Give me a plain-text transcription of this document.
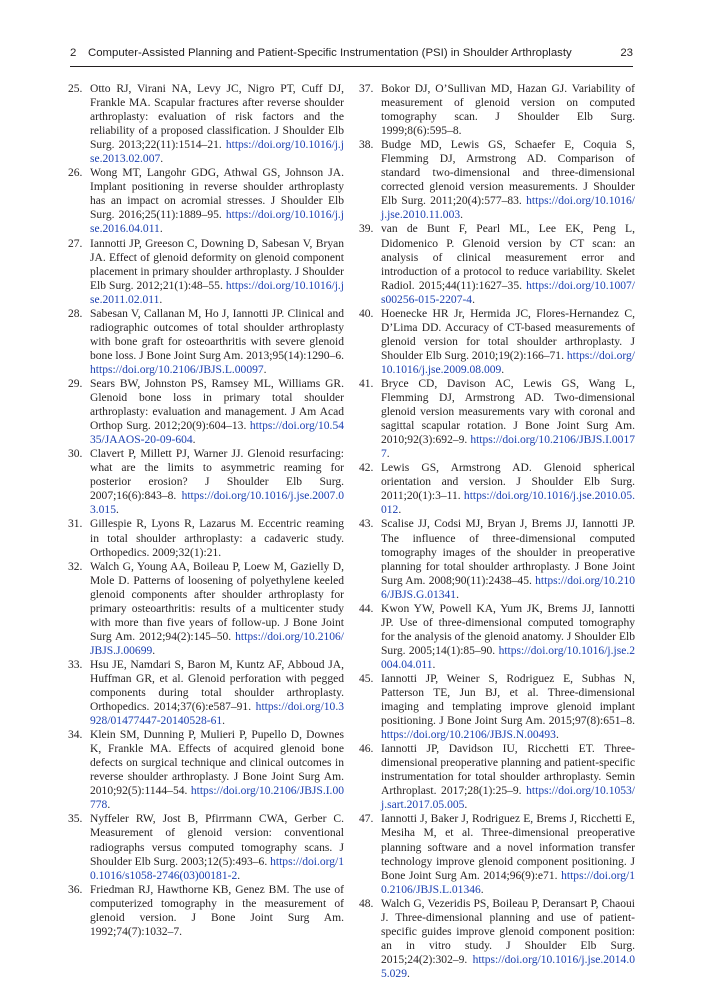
2 Computer-Assisted Planning and Patient-Specific Instrumentation (PSI) in Shoulder Arthroplasty	23

25. Otto RJ, Virani NA, Levy JC, Nigro PT, Cuff DJ, Frankle MA. Scapular fractures after reverse shoulder arthroplasty: evaluation of risk factors and the reliability of a proposed classification. J Shoulder Elb Surg. 2013;22(11):1514–21. https://doi.org/10.1016/j.jse.2013.02.007.

26. Wong MT, Langohr GDG, Athwal GS, Johnson JA. Implant positioning in reverse shoulder arthroplasty has an impact on acromial stresses. J Shoulder Elb Surg. 2016;25(11):1889–95. https://doi.org/10.1016/j.jse.2016.04.011.

27. Iannotti JP, Greeson C, Downing D, Sabesan V, Bryan JA. Effect of glenoid deformity on glenoid component placement in primary shoulder arthroplasty. J Shoulder Elb Surg. 2012;21(1):48–55. https://doi.org/10.1016/j.jse.2011.02.011.

28. Sabesan V, Callanan M, Ho J, Iannotti JP. Clinical and radiographic outcomes of total shoulder arthroplasty with bone graft for osteoarthritis with severe glenoid bone loss. J Bone Joint Surg Am. 2013;95(14):1290–6. https://doi.org/10.2106/JBJS.L.00097.

29. Sears BW, Johnston PS, Ramsey ML, Williams GR. Glenoid bone loss in primary total shoulder arthroplasty: evaluation and management. J Am Acad Orthop Surg. 2012;20(9):604–13. https://doi.org/10.5435/JAAOS-20-09-604.

30. Clavert P, Millett PJ, Warner JJ. Glenoid resurfacing: what are the limits to asymmetric reaming for posterior erosion? J Shoulder Elb Surg. 2007;16(6):843–8. https://doi.org/10.1016/j.jse.2007.03.015.

31. Gillespie R, Lyons R, Lazarus M. Eccentric reaming in total shoulder arthroplasty: a cadaveric study. Orthopedics. 2009;32(1):21.

32. Walch G, Young AA, Boileau P, Loew M, Gazielly D, Mole D. Patterns of loosening of polyethylene keeled glenoid components after shoulder arthroplasty for primary osteoarthritis: results of a multicenter study with more than five years of follow-up. J Bone Joint Surg Am. 2012;94(2):145–50. https://doi.org/10.2106/JBJS.J.00699.

33. Hsu JE, Namdari S, Baron M, Kuntz AF, Abboud JA, Huffman GR, et al. Glenoid perforation with pegged components during total shoulder arthroplasty. Orthopedics. 2014;37(6):e587–91. https://doi.org/10.3928/01477447-20140528-61.

34. Klein SM, Dunning P, Mulieri P, Pupello D, Downes K, Frankle MA. Effects of acquired glenoid bone defects on surgical technique and clinical outcomes in reverse shoulder arthroplasty. J Bone Joint Surg Am. 2010;92(5):1144–54. https://doi.org/10.2106/JBJS.I.00778.

35. Nyffeler RW, Jost B, Pfirrmann CWA, Gerber C. Measurement of glenoid version: conventional radiographs versus computed tomography scans. J Shoulder Elb Surg. 2003;12(5):493–6. https://doi.org/10.1016/s1058-2746(03)00181-2.

36. Friedman RJ, Hawthorne KB, Genez BM. The use of computerized tomography in the measurement of glenoid version. J Bone Joint Surg Am. 1992;74(7):1032–7.

37. Bokor DJ, O’Sullivan MD, Hazan GJ. Variability of measurement of glenoid version on computed tomography scan. J Shoulder Elb Surg. 1999;8(6):595–8.

38. Budge MD, Lewis GS, Schaefer E, Coquia S, Flemming DJ, Armstrong AD. Comparison of standard two-dimensional and three-dimensional corrected glenoid version measurements. J Shoulder Elb Surg. 2011;20(4):577–83. https://doi.org/10.1016/j.jse.2010.11.003.

39. van de Bunt F, Pearl ML, Lee EK, Peng L, Didomenico P. Glenoid version by CT scan: an analysis of clinical measurement error and introduction of a protocol to reduce variability. Skelet Radiol. 2015;44(11):1627–35. https://doi.org/10.1007/s00256-015-2207-4.

40. Hoenecke HR Jr, Hermida JC, Flores-Hernandez C, D’Lima DD. Accuracy of CT-based measurements of glenoid version for total shoulder arthroplasty. J Shoulder Elb Surg. 2010;19(2):166–71. https://doi.org/10.1016/j.jse.2009.08.009.

41. Bryce CD, Davison AC, Lewis GS, Wang L, Flemming DJ, Armstrong AD. Two-dimensional glenoid version measurements vary with coronal and sagittal scapular rotation. J Bone Joint Surg Am. 2010;92(3):692–9. https://doi.org/10.2106/JBJS.I.00177.

42. Lewis GS, Armstrong AD. Glenoid spherical orientation and version. J Shoulder Elb Surg. 2011;20(1):3–11. https://doi.org/10.1016/j.jse.2010.05.012.

43. Scalise JJ, Codsi MJ, Bryan J, Brems JJ, Iannotti JP. The influence of three-dimensional computed tomography images of the shoulder in preoperative planning for total shoulder arthroplasty. J Bone Joint Surg Am. 2008;90(11):2438–45. https://doi.org/10.2106/JBJS.G.01341.

44. Kwon YW, Powell KA, Yum JK, Brems JJ, Iannotti JP. Use of three-dimensional computed tomography for the analysis of the glenoid anatomy. J Shoulder Elb Surg. 2005;14(1):85–90. https://doi.org/10.1016/j.jse.2004.04.011.

45. Iannotti JP, Weiner S, Rodriguez E, Subhas N, Patterson TE, Jun BJ, et al. Three-dimensional imaging and templating improve glenoid implant positioning. J Bone Joint Surg Am. 2015;97(8):651–8. https://doi.org/10.2106/JBJS.N.00493.

46. Iannotti JP, Davidson IU, Ricchetti ET. Three-dimensional preoperative planning and patient-specific instrumentation for total shoulder arthroplasty. Semin Arthroplast. 2017;28(1):25–9. https://doi.org/10.1053/j.sart.2017.05.005.

47. Iannotti J, Baker J, Rodriguez E, Brems J, Ricchetti E, Mesiha M, et al. Three-dimensional preoperative planning software and a novel information transfer technology improve glenoid component positioning. J Bone Joint Surg Am. 2014;96(9):e71. https://doi.org/10.2106/JBJS.L.01346.

48. Walch G, Vezeridis PS, Boileau P, Deransart P, Chaoui J. Three-dimensional planning and use of patient-specific guides improve glenoid component position: an in vitro study. J Shoulder Elb Surg. 2015;24(2):302–9. https://doi.org/10.1016/j.jse.2014.05.029.
